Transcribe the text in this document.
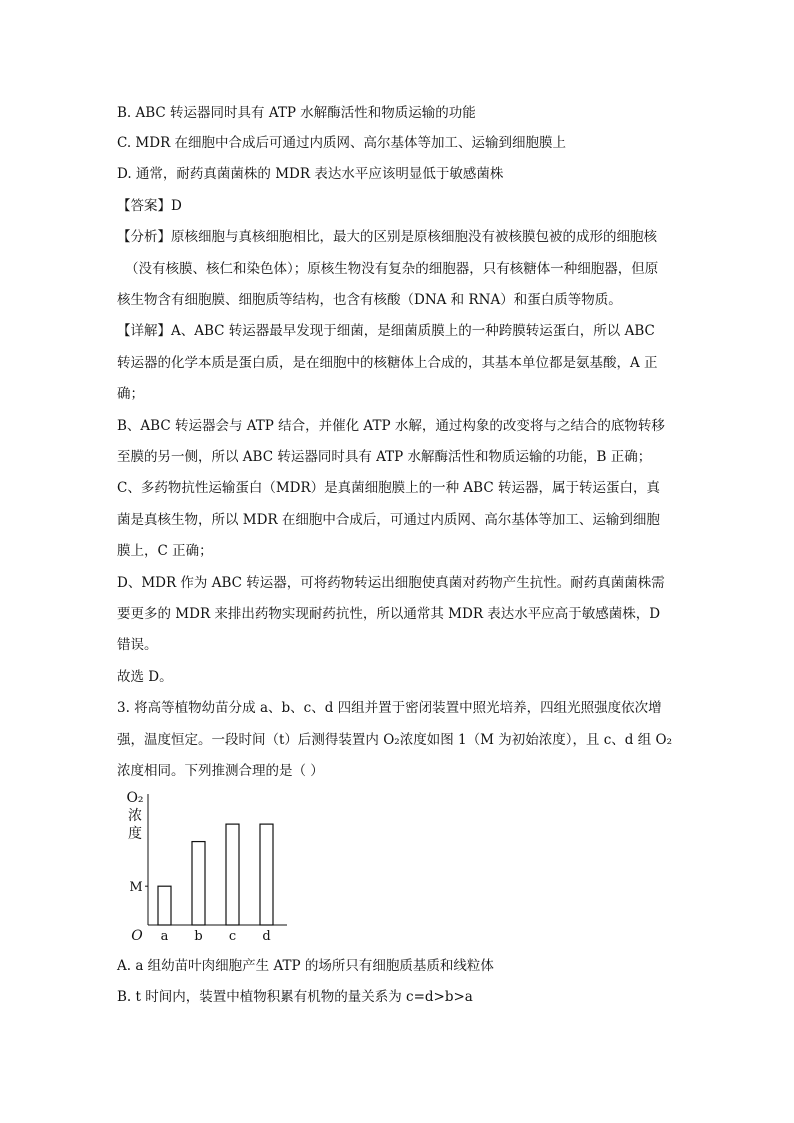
B. ABC 转运器同时具有 ATP 水解酶活性和物质运输的功能
C. MDR 在细胞中合成后可通过内质网、高尔基体等加工、运输到细胞膜上
D. 通常，耐药真菌菌株的 MDR 表达水平应该明显低于敏感菌株
【答案】D
【分析】原核细胞与真核细胞相比，最大的区别是原核细胞没有被核膜包被的成形的细胞核
（没有核膜、核仁和染色体）；原核生物没有复杂的细胞器，只有核糖体一种细胞器，但原
核生物含有细胞膜、细胞质等结构，也含有核酸（DNA 和 RNA）和蛋白质等物质。
【详解】A、ABC 转运器最早发现于细菌，是细菌质膜上的一种跨膜转运蛋白，所以 ABC
转运器的化学本质是蛋白质，是在细胞中的核糖体上合成的，其基本单位都是氨基酸，A 正
确；
B、ABC 转运器会与 ATP 结合，并催化 ATP 水解，通过构象的改变将与之结合的底物转移
至膜的另一侧，所以 ABC 转运器同时具有 ATP 水解酶活性和物质运输的功能，B 正确；
C、多药物抗性运输蛋白（MDR）是真菌细胞膜上的一种 ABC 转运器，属于转运蛋白，真
菌是真核生物，所以 MDR 在细胞中合成后，可通过内质网、高尔基体等加工、运输到细胞
膜上，C 正确；
D、MDR 作为 ABC 转运器，可将药物转运出细胞使真菌对药物产生抗性。耐药真菌菌株需
要更多的 MDR 来排出药物实现耐药抗性，所以通常其 MDR 表达水平应高于敏感菌株，D
错误。
故选 D。
3. 将高等植物幼苗分成 a、b、c、d 四组并置于密闭装置中照光培养，四组光照强度依次增
强，温度恒定。一段时间（t）后测得装置内 O₂浓度如图 1（M 为初始浓度），且 c、d 组 O₂
浓度相同。下列推测合理的是（ ）
O₂
浓
度
O
M
a b c d
A. a 组幼苗叶肉细胞产生 ATP 的场所只有细胞质基质和线粒体
B. t 时间内，装置中植物积累有机物的量关系为 c=d>b>a
